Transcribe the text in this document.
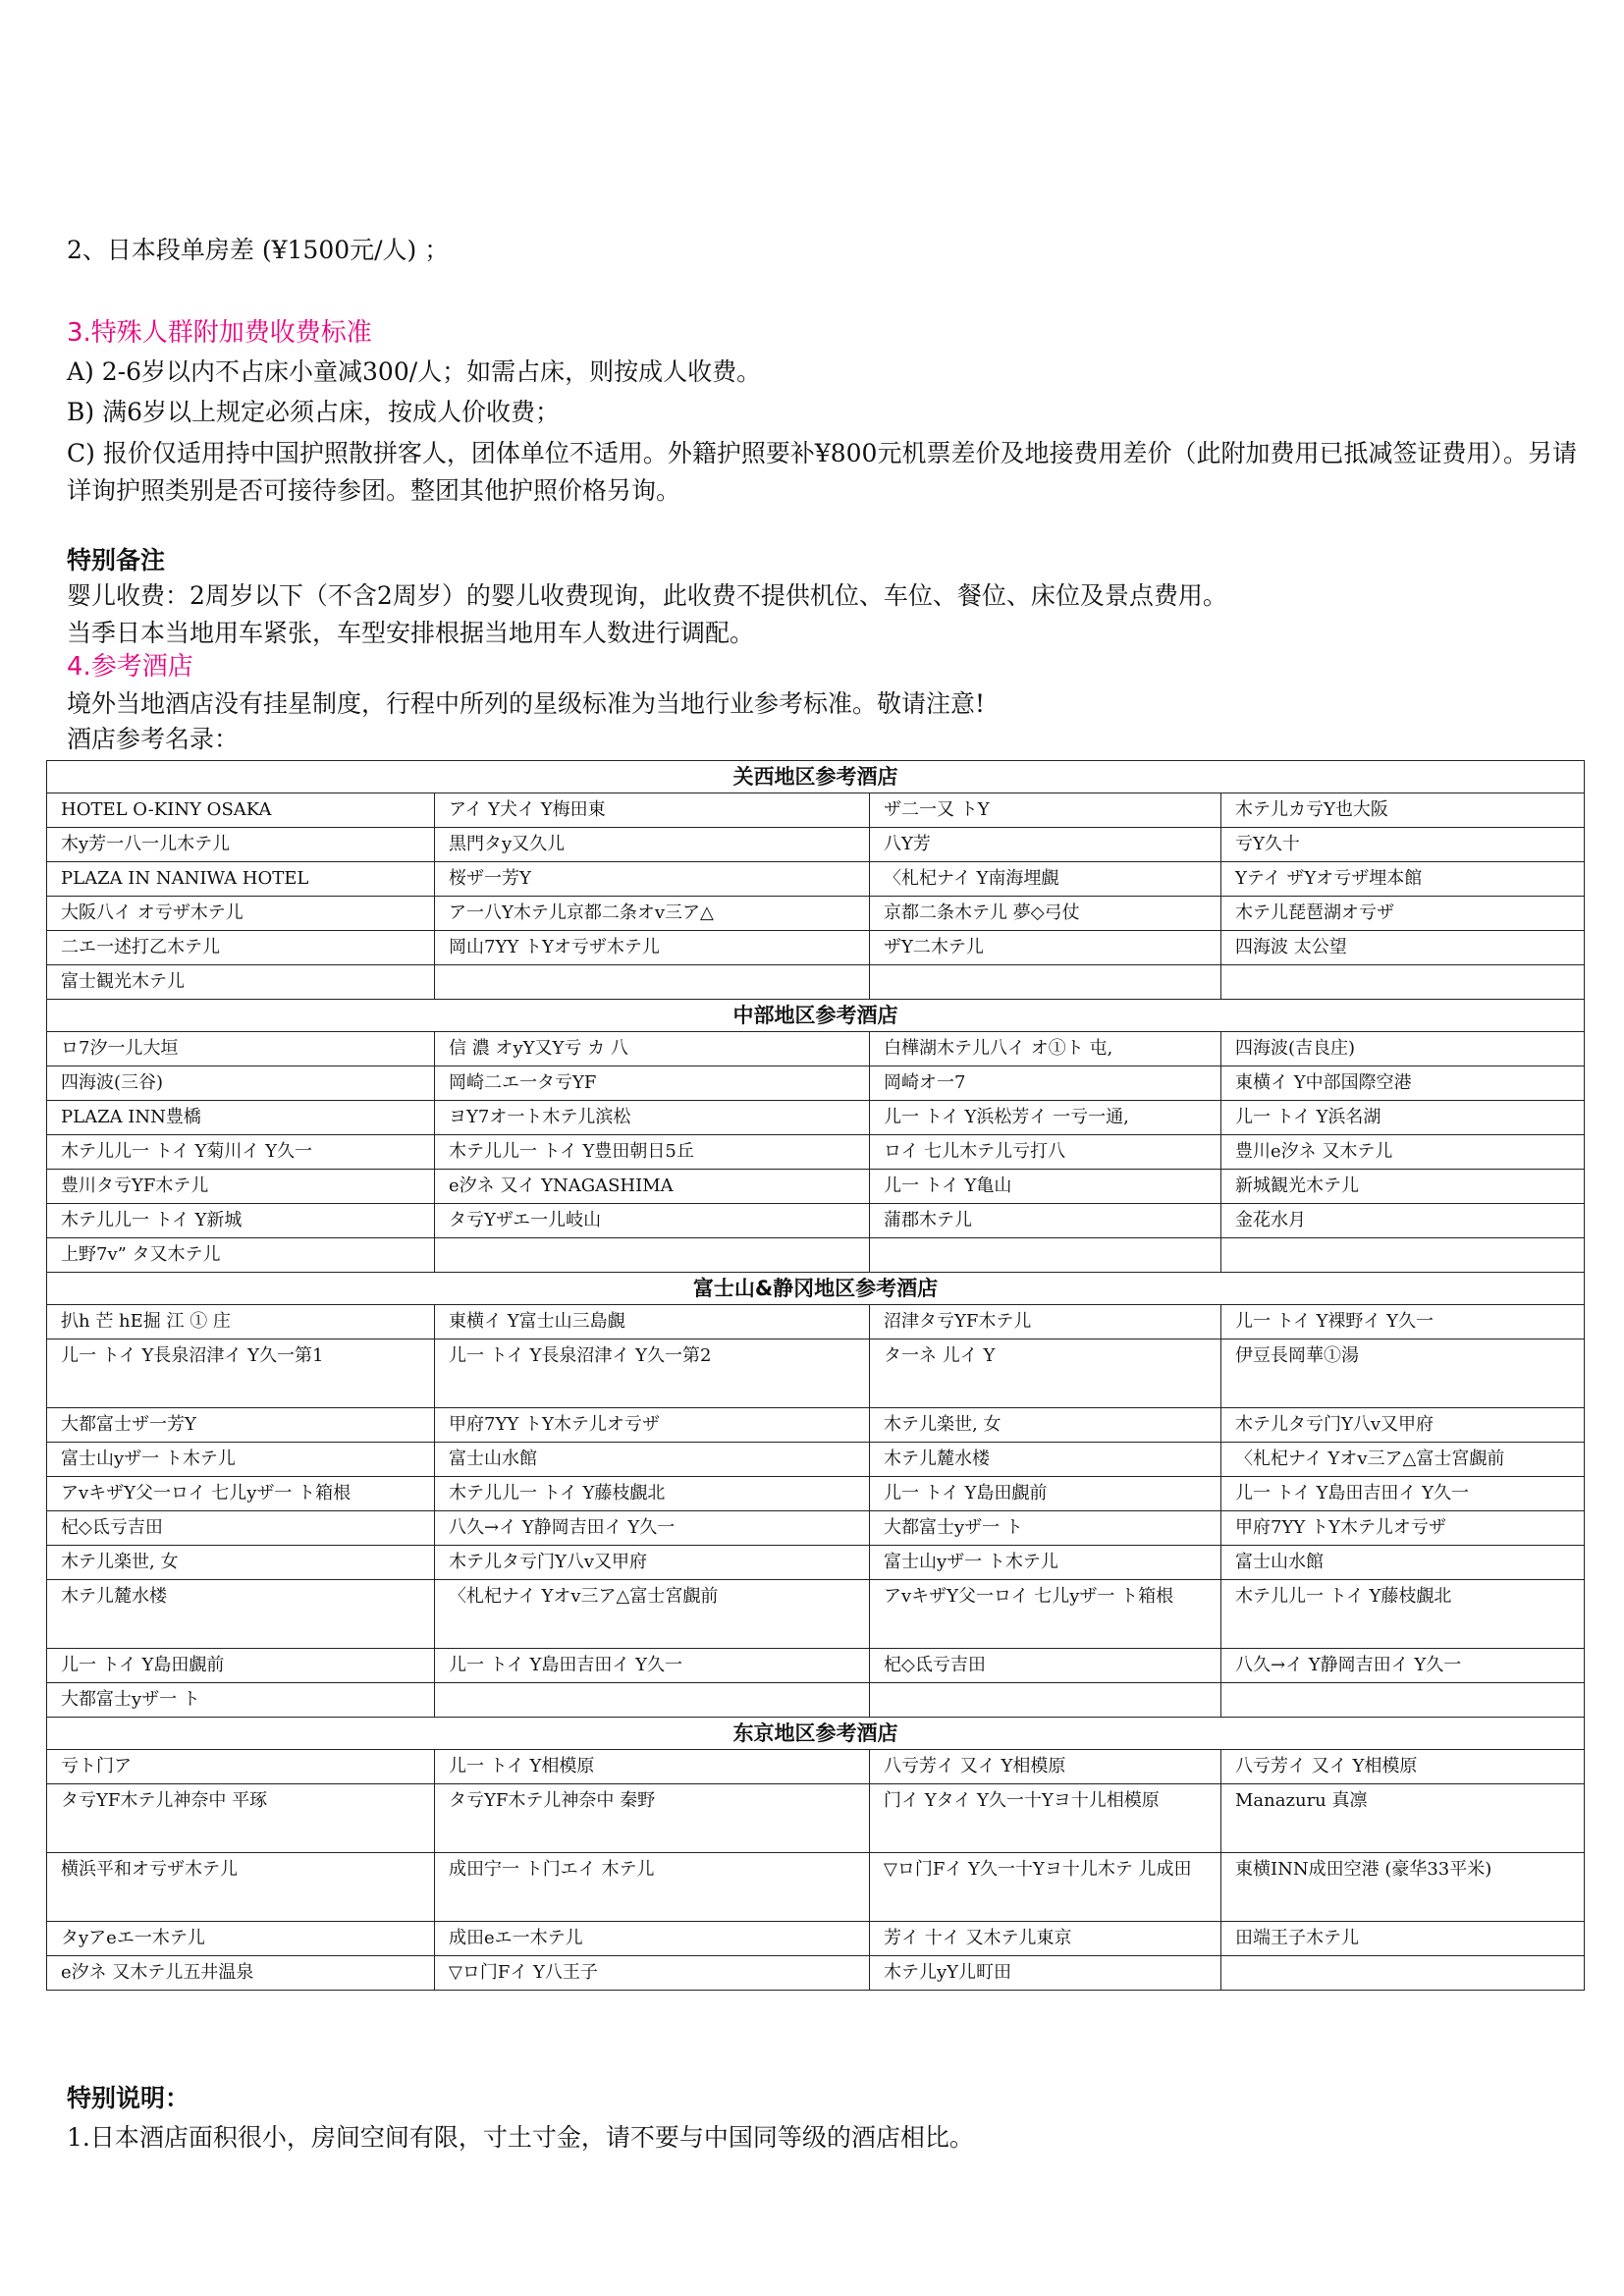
2、日本段单房差 (¥1500元/人) ；
3.特殊人群附加费收费标准
A) 2-6岁以内不占床小童减300/人；如需占床，则按成人收费。
B) 满6岁以上规定必须占床，按成人价收费；
C) 报价仅适用持中国护照散拼客人，团体单位不适用。外籍护照要补¥800元机票差价及地接费用差价（此附加费用已抵减签证费用）。另请详询护照类别是否可接待参团。整团其他护照价格另询。
特别备注
婴儿收费：2周岁以下（不含2周岁）的婴儿收费现询，此收费不提供机位、车位、餐位、床位及景点费用。
当季日本当地用车紧张，车型安排根据当地用车人数进行调配。
4.参考酒店
境外当地酒店没有挂星制度，行程中所列的星级标准为当地行业参考标准。敬请注意!
酒店参考名录：
关西地区参考酒店			
HOTEL O-KINY OSAKA	アイ Y犬イ Y梅田東	ザ二一又 トY	木テ儿カ亏Y也大阪
木y芳一八一儿木テ儿	黒門タy又久儿	八Y芳	亏Y久十
PLAZA IN NANIWA HOTEL	桜ザ一芳Y	〈札杞ナイ Y南海埋覰	Yテイ ザYオ亏ザ埋本館
大阪八イ オ亏ザ木テ儿	ア一八Y木テ儿京都二条オv三ア△	京都二条木テ儿 夢◇弓仗	木テ儿琵琶湖オ亏ザ
二エ一述打乙木テ儿	岡山7YY トYオ亏ザ木テ儿	ザY二木テ儿	四海波 太公望
富士観光木テ儿			
中部地区参考酒店			
ロ7汐一儿大垣	信 濃 オyY又Y亏 カ 八	白樺湖木テ儿八イ オ①ト 屯,	四海波(吉良庄)
四海波(三谷)	岡崎二エ一タ亏YF	岡崎オ一7	東横イ Y中部国際空港
PLAZA INN豊橋	ヨY7オ一ト木テ儿滨松	儿一 トイ Y浜松芳イ 一亏一通,	儿一 トイ Y浜名湖
木テ儿儿一 トイ Y菊川イ Y久一	木テ儿儿一 トイ Y豊田朝日5丘	ロイ 七儿木テ儿亏打八	豊川e汐ネ 又木テ儿
豊川タ亏YF木テ儿	e汐ネ 又イ YNAGASHIMA	儿一 トイ Y亀山	新城観光木テ儿
木テ儿儿一 トイ Y新城	タ亏Yザエ一儿岐山	蒲郡木テ儿	金花水月
上野7v” タ又木テ儿			
富士山&静冈地区参考酒店			
扒h 芒 hE掘 江 ① 庄	東横イ Y富士山三島覰	沼津タ亏YF木テ儿	儿一 トイ Y裸野イ Y久一
儿一 トイ Y長泉沼津イ Y久一第1	儿一 トイ Y長泉沼津イ Y久一第2	タ一ネ 儿イ Y	伊豆長岡華①湯
大都富士ザ一芳Y	甲府7YY トY木テ儿オ亏ザ	木テ儿楽世, 女	木テ儿タ亏门Y八v又甲府
富士山yザ一 ト木テ儿	富士山水館	木テ儿麓水楼	〈札杞ナイ Yオv三ア△富士宮覰前
アvキザY父一ロイ 七儿yザ一 ト箱根	木テ儿儿一 トイ Y藤枝覰北	儿一 トイ Y島田覰前	儿一 トイ Y島田吉田イ Y久一
杞◇氐亏吉田	八久→イ Y静岡吉田イ Y久一	大都富士yザ一 ト	甲府7YY トY木テ儿オ亏ザ
木テ儿楽世, 女	木テ儿タ亏门Y八v又甲府	富士山yザ一 ト木テ儿	富士山水館
木テ儿麓水楼	〈札杞ナイ Yオv三ア△富士宮覰前	アvキザY父一ロイ 七儿yザ一 ト箱根	木テ儿儿一 トイ Y藤枝覰北
儿一 トイ Y島田覰前	儿一 トイ Y島田吉田イ Y久一	杞◇氐亏吉田	八久→イ Y静岡吉田イ Y久一
大都富士yザ一 ト			
东京地区参考酒店			
亏ト门ア	儿一 トイ Y相模原	八亏芳イ 又イ Y相模原	八亏芳イ 又イ Y相模原
タ亏YF木テ儿神奈中 平琢	タ亏YF木テ儿神奈中 秦野	门イ Yタイ Y久一十Yヨ十儿相模原	Manazuru 真凛
横浜平和オ亏ザ木テ儿	成田宁一 ト门エイ 木テ儿	▽ロ门Fイ Y久一十Yヨ十儿木テ 儿成田	東横INN成田空港 (豪华33平米)
タyアeエ一木テ儿	成田eエ一木テ儿	芳イ 十イ 又木テ儿東京	田端王子木テ儿
e汐ネ 又木テ儿五井温泉	▽ロ门Fイ Y八王子	木テ儿yY儿町田	
特别说明：
1.日本酒店面积很小，房间空间有限，寸土寸金，请不要与中国同等级的酒店相比。
